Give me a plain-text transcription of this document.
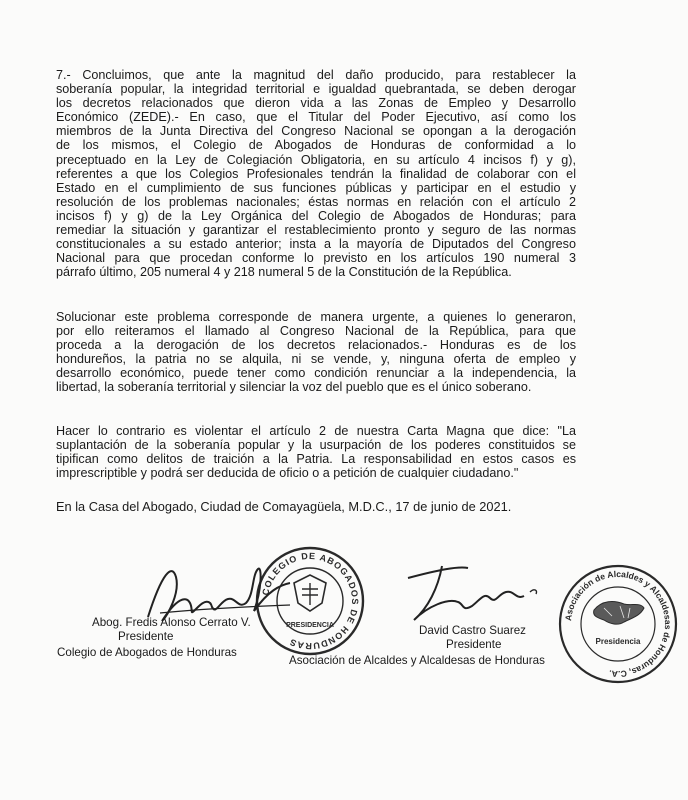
7.- Concluimos, que ante la magnitud del daño producido, para restablecer la
soberanía popular, la integridad territorial e igualdad quebrantada, se deben derogar
los decretos relacionados que dieron vida a las Zonas de Empleo y Desarrollo
Económico (ZEDE).- En caso, que el Titular del Poder Ejecutivo, así como los
miembros de la Junta Directiva del Congreso Nacional se opongan a la derogación
de los mismos, el Colegio de Abogados de Honduras de conformidad a lo
preceptuado en la Ley de Colegiación Obligatoria, en su artículo 4 incisos f) y g),
referentes a que los Colegios Profesionales tendrán la finalidad de colaborar con el
Estado en el cumplimiento de sus funciones públicas y participar en el estudio y
resolución de los problemas nacionales; éstas normas en relación con el artículo 2
incisos f) y g) de la Ley Orgánica del Colegio de Abogados de Honduras; para
remediar la situación y garantizar el restablecimiento pronto y seguro de las normas
constitucionales a su estado anterior; insta a la mayoría de Diputados del Congreso
Nacional para que procedan conforme lo previsto en los artículos 190 numeral 3
párrafo último, 205 numeral 4 y 218 numeral 5 de la Constitución de la República.
Solucionar este problema corresponde de manera urgente, a quienes lo generaron,
por ello reiteramos el llamado al Congreso Nacional de la República, para que
proceda a la derogación de los decretos relacionados.- Honduras es de los
hondureños, la patria no se alquila, ni se vende, y, ninguna oferta de empleo y
desarrollo económico, puede tener como condición renunciar a la independencia, la
libertad, la soberanía territorial y silenciar la voz del pueblo que es el único soberano.
Hacer lo contrario es violentar el artículo 2 de nuestra Carta Magna que dice: "La
suplantación de la soberanía popular y la usurpación de los poderes constituidos se
tipifican como delitos de traición a la Patria. La responsabilidad en estos casos es
imprescriptible y podrá ser deducida de oficio o a petición de cualquier ciudadano."
En la Casa del Abogado, Ciudad de Comayagüela, M.D.C., 17 de junio de 2021.
COLEGIO DE ABOGADOS DE HONDURAS
PRESIDENCIA
Abog. Fredis Alonso Cerrato V.
Presidente
Colegio de Abogados de Honduras
David Castro Suarez
Presidente
Asociación de Alcaldes y Alcaldesas de Honduras
Asociación de Alcaldes y Alcaldesas de Honduras, C.A.
Presidencia
